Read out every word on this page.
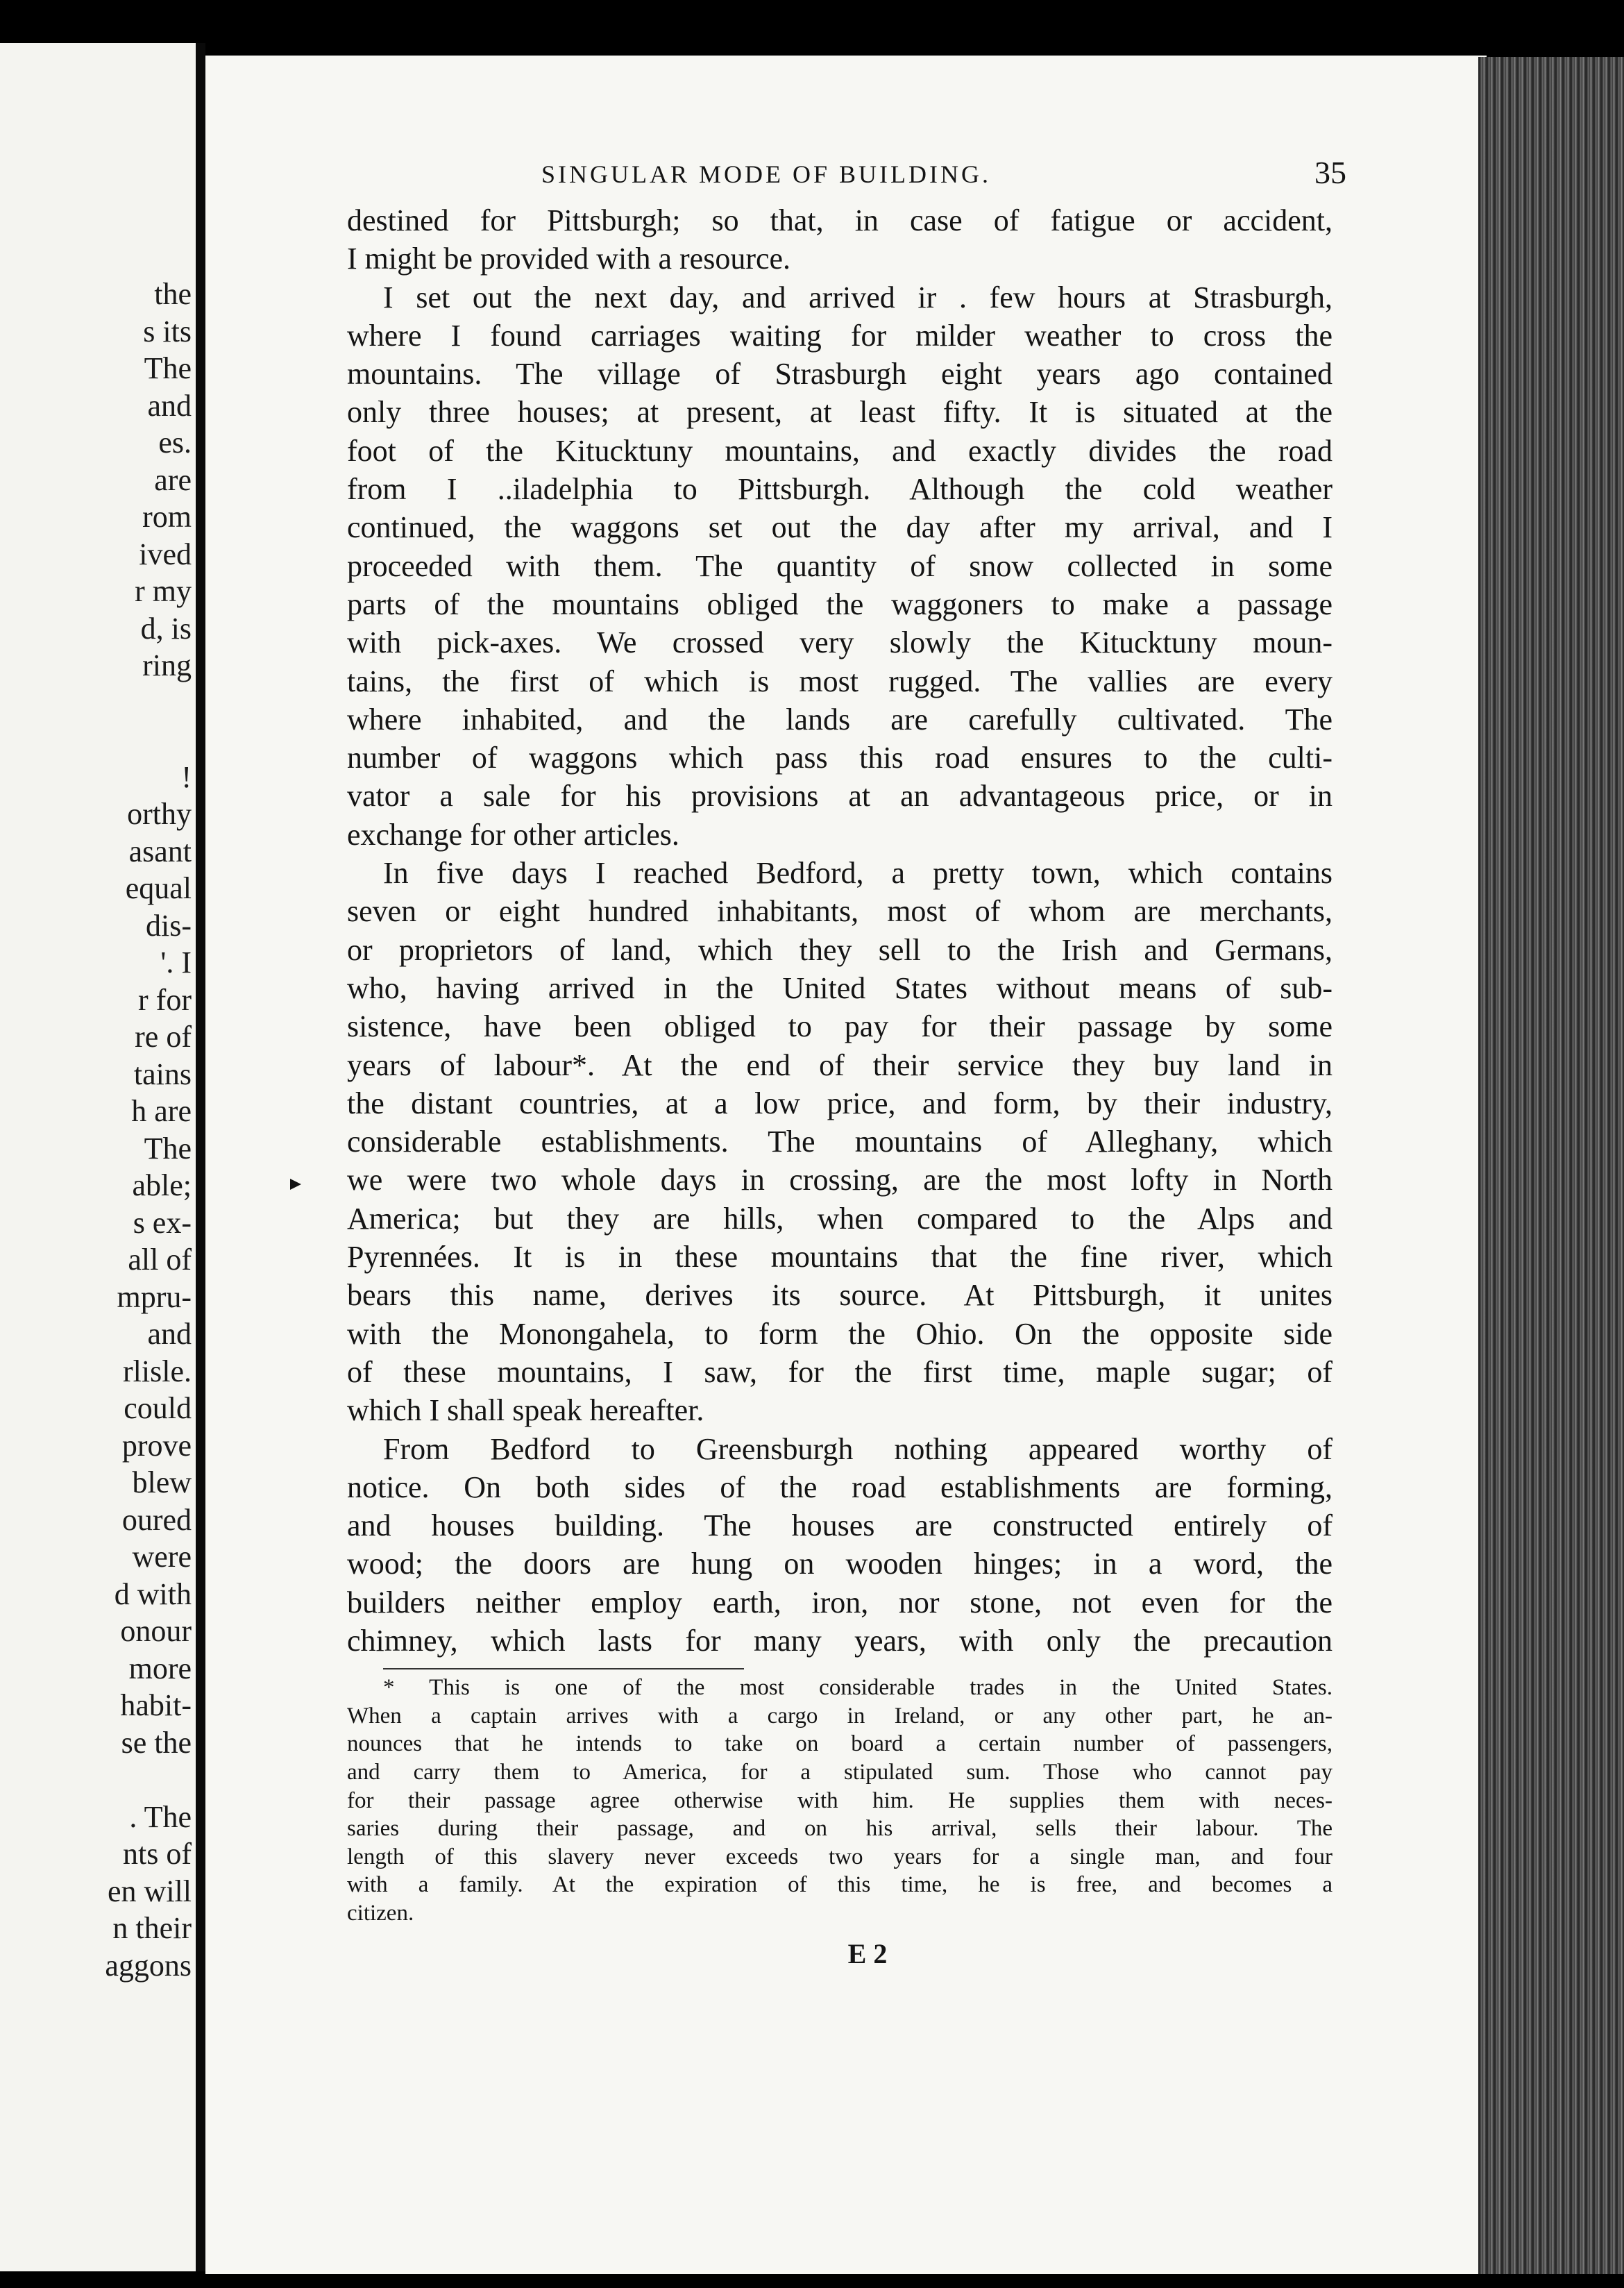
the
s its
The
and
es.
are
rom
ived
r my
d, is
ring
!
orthy
asant
equal
dis-
'. I
r for
re of
tains
h are
The
able;
s ex-
all of
mpru-
and
rlisle.
could
prove
blew
oured
were
d with
onour
more
habit-
se the
. The
nts of
en will
n their
aggons
SINGULAR MODE OF BUILDING.	35
destined for Pittsburgh; so that, in case of fatigue or accident,
I might be provided with a resource.
I set out the next day, and arrived ir . few hours at Strasburgh,
where I found carriages waiting for milder weather to cross the
mountains. The village of Strasburgh eight years ago contained
only three houses; at present, at least fifty. It is situated at the
foot of the Kitucktuny mountains, and exactly divides the road
from I ..iladelphia to Pittsburgh. Although the cold weather
continued, the waggons set out the day after my arrival, and I
proceeded with them. The quantity of snow collected in some
parts of the mountains obliged the waggoners to make a passage
with pick-axes. We crossed very slowly the Kitucktuny moun-
tains, the first of which is most rugged. The vallies are every
where inhabited, and the lands are carefully cultivated. The
number of waggons which pass this road ensures to the culti-
vator a sale for his provisions at an advantageous price, or in
exchange for other articles.
In five days I reached Bedford, a pretty town, which contains
seven or eight hundred inhabitants, most of whom are merchants,
or proprietors of land, which they sell to the Irish and Germans,
who, having arrived in the United States without means of sub-
sistence, have been obliged to pay for their passage by some
years of labour*. At the end of their service they buy land in
the distant countries, at a low price, and form, by their industry,
considerable establishments. The mountains of Alleghany, which
we were two whole days in crossing, are the most lofty in North
America; but they are hills, when compared to the Alps and
Pyrennées. It is in these mountains that the fine river, which
bears this name, derives its source. At Pittsburgh, it unites
with the Monongahela, to form the Ohio. On the opposite side
of these mountains, I saw, for the first time, maple sugar; of
which I shall speak hereafter.
From Bedford to Greensburgh nothing appeared worthy of
notice. On both sides of the road establishments are forming,
and houses building. The houses are constructed entirely of
wood; the doors are hung on wooden hinges; in a word, the
builders neither employ earth, iron, nor stone, not even for the
chimney, which lasts for many years, with only the precaution
* This is one of the most considerable trades in the United States.
When a captain arrives with a cargo in Ireland, or any other part, he an-
nounces that he intends to take on board a certain number of passengers,
and carry them to America, for a stipulated sum. Those who cannot pay
for their passage agree otherwise with him. He supplies them with neces-
saries during their passage, and on his arrival, sells their labour. The
length of this slavery never exceeds two years for a single man, and four
with a family. At the expiration of this time, he is free, and becomes a
citizen.
E 2
